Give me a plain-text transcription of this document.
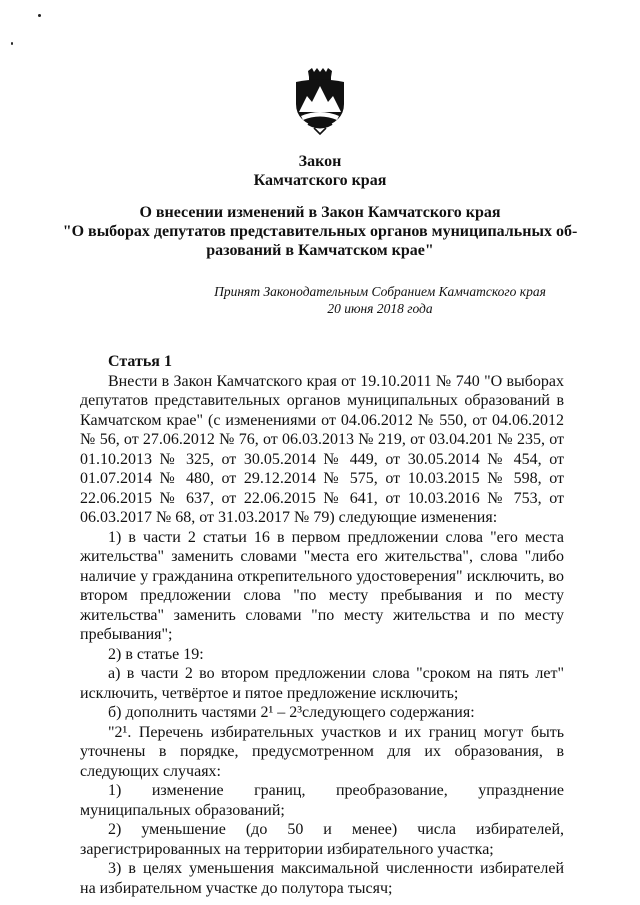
Закон
Камчатского края
О внесении изменений в Закон Камчатского края
"О выборах депутатов представительных органов муниципальных об-
разований в Камчатском крае"
Принят Законодательным Собранием Камчатского края
20 июня 2018 года
Статья 1

Внести в Закон Камчатского края от 19.10.2011 № 740 "О выборах депутатов представительных органов муниципальных образований в Камчатском крае" (с изменениями от 04.06.2012 № 550, от 04.06.2012 № 56, от 27.06.2012 № 76, от 06.03.2013 № 219, от 03.04.201 № 235, от 01.10.2013 № 325, от 30.05.2014 № 449, от 30.05.2014 № 454, от 01.07.2014 № 480, от 29.12.2014 № 575, от 10.03.2015 № 598, от 22.06.2015 № 637, от 22.06.2015 № 641, от 10.03.2016 № 753, от 06.03.2017 № 68, от 31.03.2017 № 79) следующие изменения:

1) в части 2 статьи 16 в первом предложении слова "его места жительства" заменить словами "места его жительства", слова "либо наличие у гражданина открепительного удостоверения" исключить, во втором предложении слова "по месту пребывания и по месту жительства" заменить словами "по месту жительства и по месту пребывания";

2) в статье 19:

а) в части 2 во втором предложении слова "сроком на пять лет" исключить, четвёртое и пятое предложение исключить;

б) дополнить частями 2¹ – 2³следующего содержания:

"2¹. Перечень избирательных участков и их границ могут быть уточнены в порядке, предусмотренном для их образования, в следующих случаях:

1) изменение границ, преобразование, упразднение муниципальных образований;

2) уменьшение (до 50 и менее) числа избирателей, зарегистрированных на территории избирательного участка;

3) в целях уменьшения максимальной численности избирателей на избирательном участке до полутора тысяч;
